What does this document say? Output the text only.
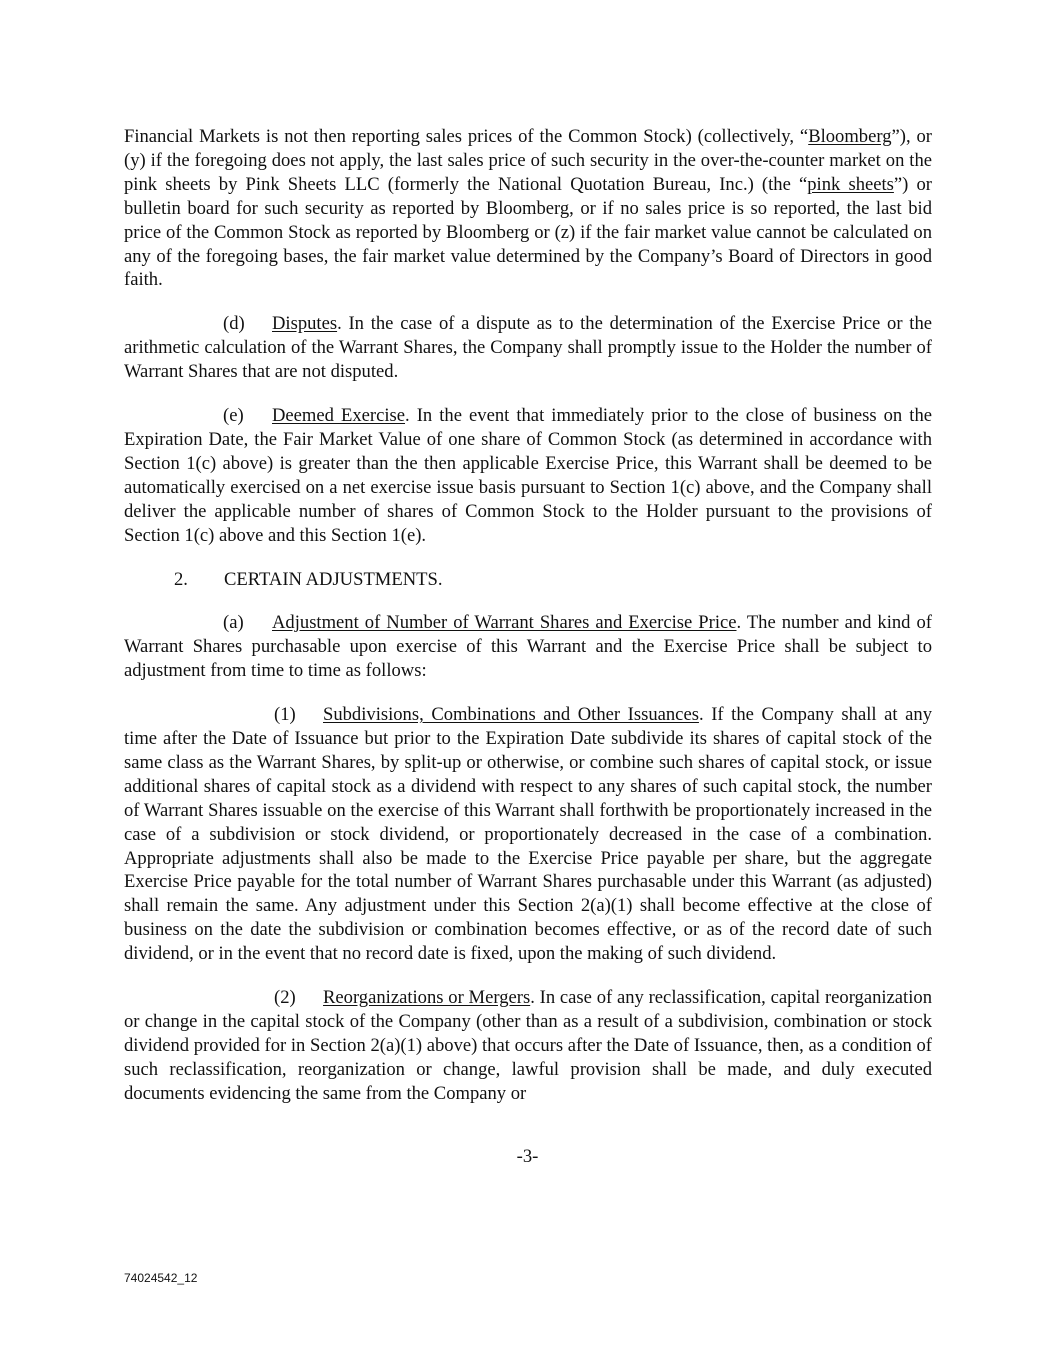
Financial Markets is not then reporting sales prices of the Common Stock) (collectively, “Bloomberg”), or (y) if the foregoing does not apply, the last sales price of such security in the over-the-counter market on the pink sheets by Pink Sheets LLC (formerly the National Quotation Bureau, Inc.) (the “pink sheets”) or bulletin board for such security as reported by Bloomberg, or if no sales price is so reported, the last bid price of the Common Stock as reported by Bloomberg or (z) if the fair market value cannot be calculated on any of the foregoing bases, the fair market value determined by the Company’s Board of Directors in good faith.

(d) Disputes. In the case of a dispute as to the determination of the Exercise Price or the arithmetic calculation of the Warrant Shares, the Company shall promptly issue to the Holder the number of Warrant Shares that are not disputed.

(e) Deemed Exercise. In the event that immediately prior to the close of business on the Expiration Date, the Fair Market Value of one share of Common Stock (as determined in accordance with Section 1(c) above) is greater than the then applicable Exercise Price, this Warrant shall be deemed to be automatically exercised on a net exercise issue basis pursuant to Section 1(c) above, and the Company shall deliver the applicable number of shares of Common Stock to the Holder pursuant to the provisions of Section 1(c) above and this Section 1(e).

2. CERTAIN ADJUSTMENTS.

(a) Adjustment of Number of Warrant Shares and Exercise Price. The number and kind of Warrant Shares purchasable upon exercise of this Warrant and the Exercise Price shall be subject to adjustment from time to time as follows:

(1) Subdivisions, Combinations and Other Issuances. If the Company shall at any time after the Date of Issuance but prior to the Expiration Date subdivide its shares of capital stock of the same class as the Warrant Shares, by split-up or otherwise, or combine such shares of capital stock, or issue additional shares of capital stock as a dividend with respect to any shares of such capital stock, the number of Warrant Shares issuable on the exercise of this Warrant shall forthwith be proportionately increased in the case of a subdivision or stock dividend, or proportionately decreased in the case of a combination. Appropriate adjustments shall also be made to the Exercise Price payable per share, but the aggregate Exercise Price payable for the total number of Warrant Shares purchasable under this Warrant (as adjusted) shall remain the same. Any adjustment under this Section 2(a)(1) shall become effective at the close of business on the date the subdivision or combination becomes effective, or as of the record date of such dividend, or in the event that no record date is fixed, upon the making of such dividend.

(2) Reorganizations or Mergers. In case of any reclassification, capital reorganization or change in the capital stock of the Company (other than as a result of a subdivision, combination or stock dividend provided for in Section 2(a)(1) above) that occurs after the Date of Issuance, then, as a condition of such reclassification, reorganization or change, lawful provision shall be made, and duly executed documents evidencing the same from the Company or

-3-
74024542_12
